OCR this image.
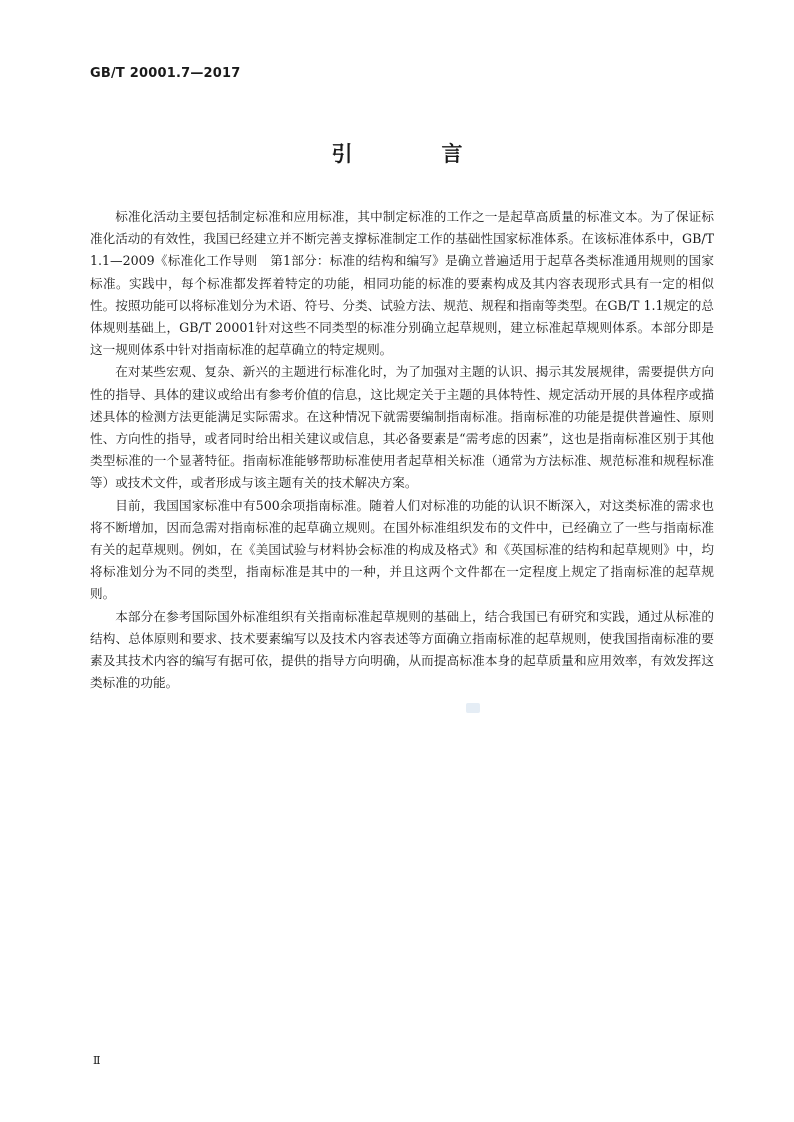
GB/T 20001.7—2017
引　言

标准化活动主要包括制定标准和应用标准，其中制定标准的工作之一是起草高质量的标准文本。为了保证标准化活动的有效性，我国已经建立并不断完善支撑标准制定工作的基础性国家标准体系。在该标准体系中，GB/T 1.1—2009《标准化工作导则　第1部分：标准的结构和编写》是确立普遍适用于起草各类标准通用规则的国家标准。实践中，每个标准都发挥着特定的功能，相同功能的标准的要素构成及其内容表现形式具有一定的相似性。按照功能可以将标准划分为术语、符号、分类、试验方法、规范、规程和指南等类型。在GB/T 1.1规定的总体规则基础上，GB/T 20001针对这些不同类型的标准分别确立起草规则，建立标准起草规则体系。本部分即是这一规则体系中针对指南标准的起草确立的特定规则。

在对某些宏观、复杂、新兴的主题进行标准化时，为了加强对主题的认识、揭示其发展规律，需要提供方向性的指导、具体的建议或给出有参考价值的信息，这比规定关于主题的具体特性、规定活动开展的具体程序或描述具体的检测方法更能满足实际需求。在这种情况下就需要编制指南标准。指南标准的功能是提供普遍性、原则性、方向性的指导，或者同时给出相关建议或信息，其必备要素是“需考虑的因素”，这也是指南标准区别于其他类型标准的一个显著特征。指南标准能够帮助标准使用者起草相关标准（通常为方法标准、规范标准和规程标准等）或技术文件，或者形成与该主题有关的技术解决方案。

目前，我国国家标准中有500余项指南标准。随着人们对标准的功能的认识不断深入，对这类标准的需求也将不断增加，因而急需对指南标准的起草确立规则。在国外标准组织发布的文件中，已经确立了一些与指南标准有关的起草规则。例如，在《美国试验与材料协会标准的构成及格式》和《英国标准的结构和起草规则》中，均将标准划分为不同的类型，指南标准是其中的一种，并且这两个文件都在一定程度上规定了指南标准的起草规则。

本部分在参考国际国外标准组织有关指南标准起草规则的基础上，结合我国已有研究和实践，通过从标准的结构、总体原则和要求、技术要素编写以及技术内容表述等方面确立指南标准的起草规则，使我国指南标准的要素及其技术内容的编写有据可依，提供的指导方向明确，从而提高标准本身的起草质量和应用效率，有效发挥这类标准的功能。

Ⅱ
